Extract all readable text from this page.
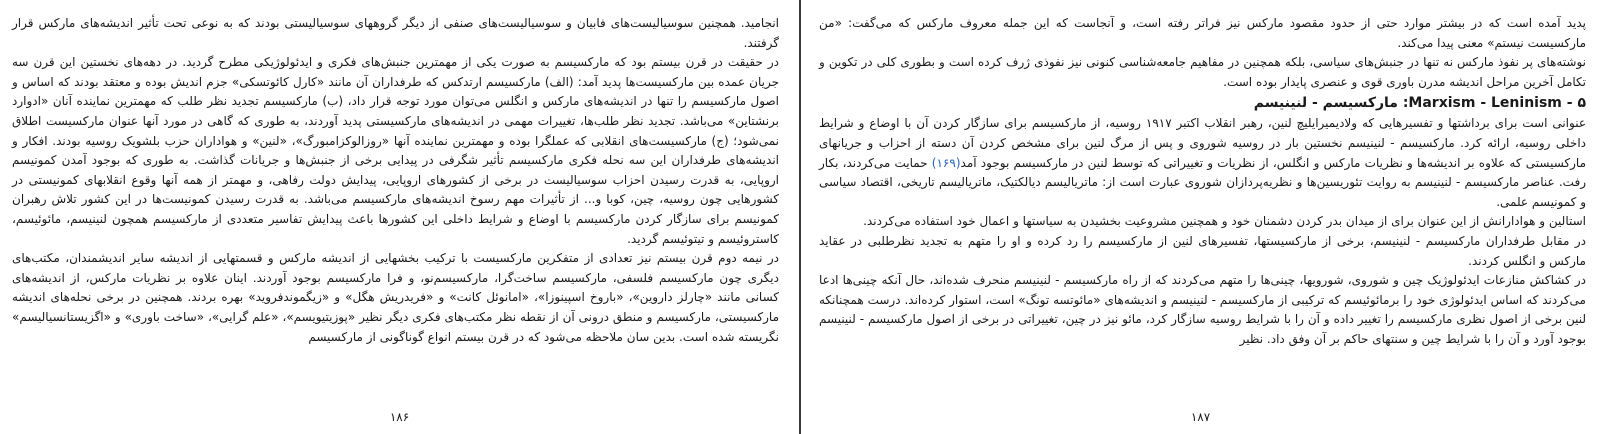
انجامید. همچنین سوسیالیست‌های فابیان و سوسیالیست‌های صنفی از دیگر گروههای سوسیالیستی بودند که به نوعی تحت تأثیر اندیشه‌های مارکس قرار گرفتند.

در حقیقت در قرن بیستم بود که مارکسیسم به صورت یکی از مهمترین جنبش‌های فکری و ایدئولوژیکی مطرح گردید. در دهه‌های نخستین این قرن سه جریان عمده بین مارکسیست‌ها پدید آمد: (الف) مارکسیسم ارتدکس که طرفداران آن مانند «کارل کائوتسکی» جزم اندیش بوده و معتقد بودند که اساس و اصول مارکسیسم را تنها در اندیشه‌های مارکس و انگلس می‌توان مورد توجه قرار داد، (ب) مارکسیسم تجدید نظر طلب که مهمترین نماینده آنان «ادوارد برنشتاین» می‌باشد. تجدید نظر طلب‌ها، تغییرات مهمی در اندیشه‌های مارکسیستی پدید آوردند، به طوری که گاهی در مورد آنها عنوان مارکسیست اطلاق نمی‌شود؛ (ج) مارکسیست‌های انقلابی که عملگرا بوده و مهمترین نماینده آنها «روزالوکزامبورگ»، «لنین» و هواداران حزب بلشویک روسیه بودند. افکار و اندیشه‌های طرفداران این سه نحله فکری مارکسیسم تأثیر شگرفی در پیدایی برخی از جنبش‌ها و جریانات گذاشت. به طوری که بوجود آمدن کمونیسم اروپایی، به قدرت رسیدن احزاب سوسیالیست در برخی از کشورهای اروپایی، پیدایش دولت رفاهی، و مهمتر از همه آنها وقوع انقلابهای کمونیستی در کشورهایی چون روسیه، چین، کوبا و... از تأثیرات مهم رسوخ اندیشه‌های مارکسیسم می‌باشد. به قدرت رسیدن کمونیست‌ها در این کشور تلاش رهبران کمونیسم برای سازگار کردن مارکسیسم با اوضاع و شرایط داخلی این کشورها باعث پیدایش تفاسیر متعددی از مارکسیسم همچون لنینیسم، مائوئیسم، کاستروئیسم و تیتوئیسم گردید.

در نیمه دوم قرن بیستم نیز تعدادی از متفکرین مارکسیست با ترکیب بخشهایی از اندیشه مارکس و قسمتهایی از اندیشه سایر اندیشمندان، مکتب‌های دیگری چون مارکسیسم فلسفی، مارکسیسم ساخت‌گرا، مارکسیسم‌نو، و فرا مارکسیسم بوجود آوردند. اینان علاوه بر نظریات مارکس، از اندیشه‌های کسانی مانند «چارلز داروین»، «باروخ اسپینوزا»، «امانوئل کانت» و «فریدریش هگل» و «زیگموندفروید» بهره بردند. همچنین در برخی نحله‌های اندیشه مارکسیستی، مارکسیسم و منطق درونی آن از نقطه نظر مکتب‌های فکری دیگر نظیر «پوزیتیویسم»، «علم گرایی»، «ساخت باوری» و «اگزیستانسیالیسم» نگریسته شده است. بدین سان ملاحظه می‌شود که در قرن بیستم انواع گوناگونی از مارکسیسم

۱۸۶

پدید آمده است که در بیشتر موارد حتی از حدود مقصود مارکس نیز فراتر رفته است، و آنجاست که این جمله معروف مارکس که می‌گفت: «من مارکسیست نیستم» معنی پیدا می‌کند.

نوشته‌های پر نفوذ مارکس نه تنها در جنبش‌های سیاسی، بلکه همچنین در مفاهیم جامعه‌شناسی کنونی نیز نفوذی ژرف کرده است و بطوری کلی در تکوین و تکامل آخرین مراحل اندیشه مدرن باوری قوی و عنصری پایدار بوده است.

۵ - Marxism - Leninism: مارکسیسم - لنینیسم

عنوانی است برای برداشتها و تفسیرهایی که ولادیمیرایلیچ لنین، رهبر انقلاب اکتبر ۱۹۱۷ روسیه، از مارکسیسم برای سازگار کردن آن با اوضاع و شرایط داخلی روسیه، ارائه کرد. مارکسیسم - لنینیسم نخستین بار در روسیه شوروی و پس از مرگ لنین برای مشخص کردن آن دسته از احزاب و جریانهای مارکسیستی که علاوه بر اندیشه‌ها و نظریات مارکس و انگلس، از نظریات و تغییراتی که توسط لنین در مارکسیسم بوجود آمد(۱۶۹) حمایت می‌کردند، بکار رفت. عناصر مارکسیسم - لنینیسم به روایت تئوریسین‌ها و نظریه‌پردازان شوروی عبارت است از: ماتریالیسم دیالکتیک، ماتریالیسم تاریخی، اقتصاد سیاسی و کمونیسم علمی.

استالین و هوادارانش از این عنوان برای از میدان بدر کردن دشمنان خود و همچنین مشروعیت بخشیدن به سیاستها و اعمال خود استفاده می‌کردند.

در مقابل طرفداران مارکسیسم - لنینیسم، برخی از مارکسیستها، تفسیرهای لنین از مارکسیسم را رد کرده و او را متهم به تجدید نظرطلبی در عقاید مارکس و انگلس کردند.

در کشاکش منازعات ایدئولوژیک چین و شوروی، شورویها، چینی‌ها را متهم می‌کردند که از راه مارکسیسم - لنینیسم منحرف شده‌اند، حال آنکه چینی‌ها ادعا می‌کردند که اساس ایدئولوژی خود را برمائوئیسم که ترکیبی از مارکسیسم - لنینیسم و اندیشه‌های «مائوتسه تونگ» است، استوار کرده‌اند. درست همچنانکه لنین برخی از اصول نظری مارکسیسم را تغییر داده و آن را با شرایط روسیه سازگار کرد، مائو نیز در چین، تغییراتی در برخی از اصول مارکسیسم - لنینیسم بوجود آورد و آن را با شرایط چین و سنتهای حاکم بر آن وفق داد. نظیر

۱۸۷
